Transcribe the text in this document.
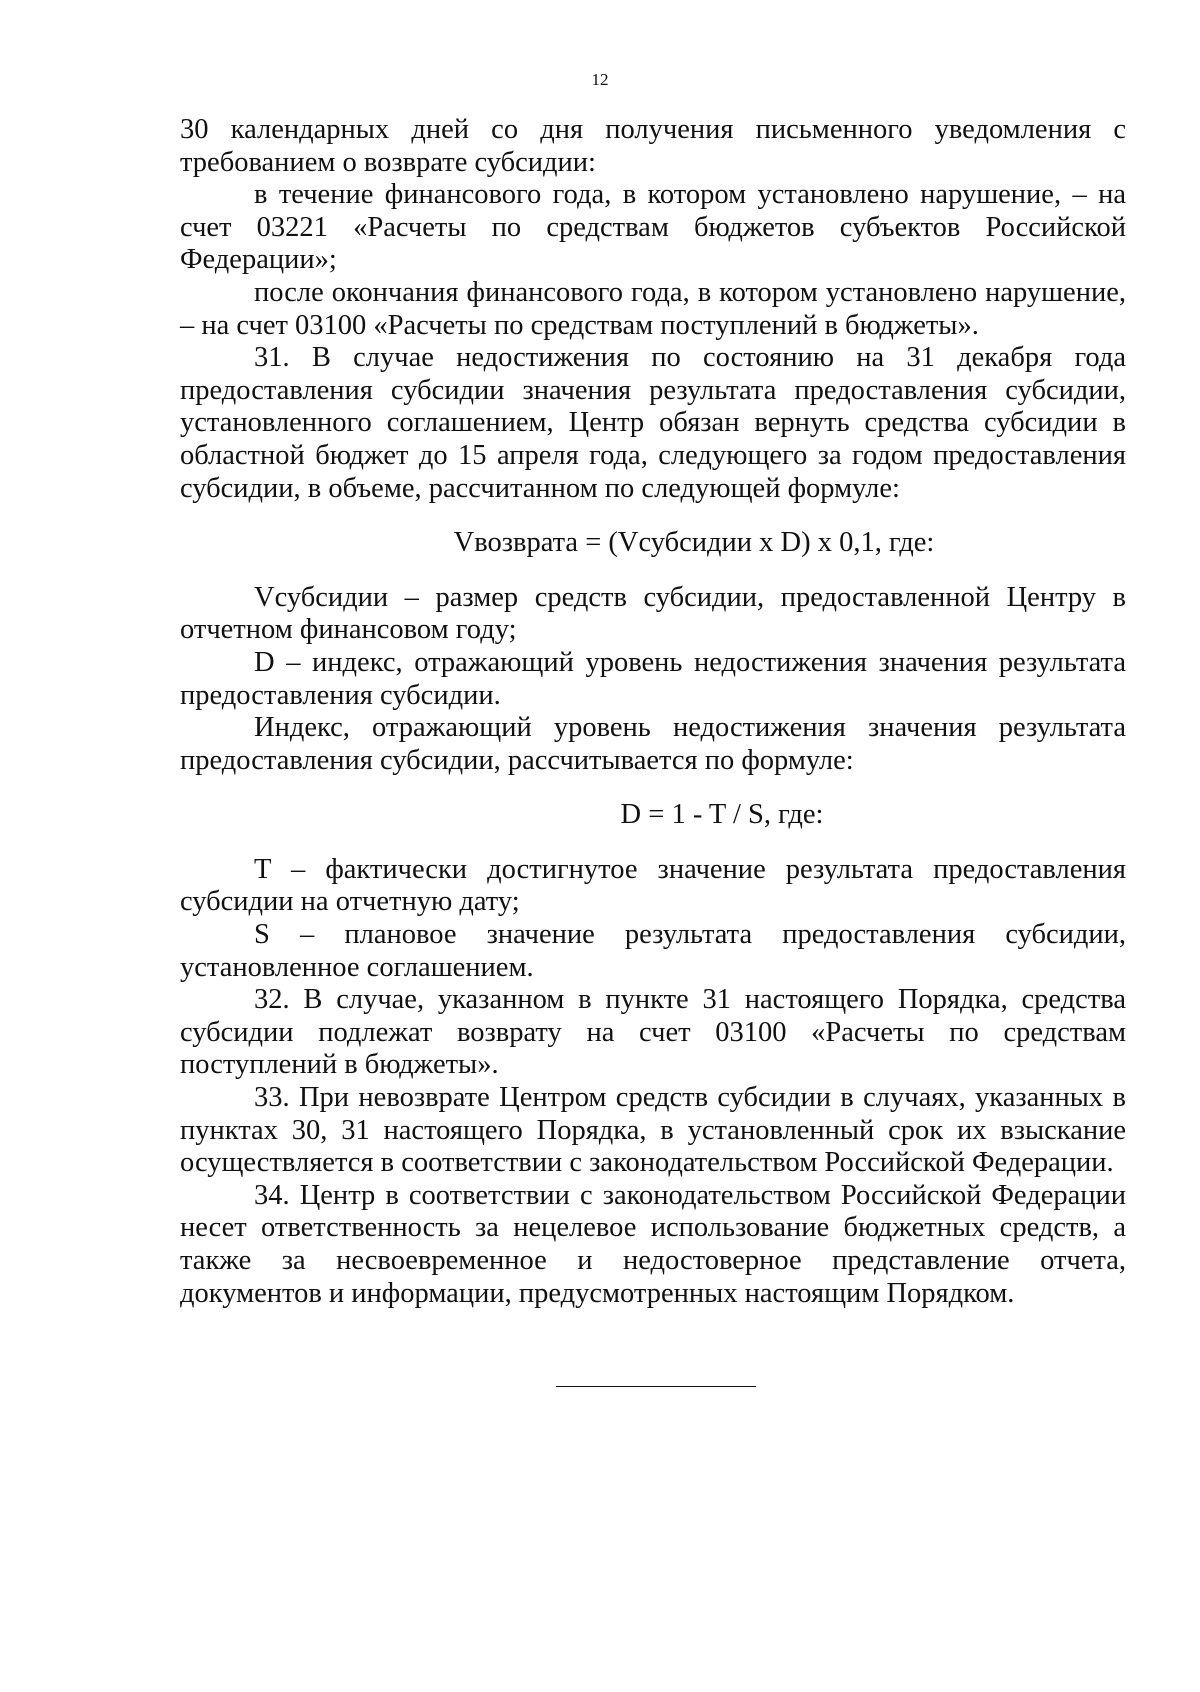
12

30 календарных дней со дня получения письменного уведомления с требованием о возврате субсидии:

в течение финансового года, в котором установлено нарушение, – на счет 03221 «Расчеты по средствам бюджетов субъектов Российской Федерации»;

после окончания финансового года, в котором установлено нарушение, – на счет 03100 «Расчеты по средствам поступлений в бюджеты».

31. В случае недостижения по состоянию на 31 декабря года предоставления субсидии значения результата предоставления субсидии, установленного соглашением, Центр обязан вернуть средства субсидии в областной бюджет до 15 апреля года, следующего за годом предоставления субсидии, в объеме, рассчитанном по следующей формуле:

Vвозврата = (Vсубсидии x D) x 0,1, где:

Vсубсидии – размер средств субсидии, предоставленной Центру в отчетном финансовом году;

D – индекс, отражающий уровень недостижения значения результата предоставления субсидии.

Индекс, отражающий уровень недостижения значения результата предоставления субсидии, рассчитывается по формуле:

D = 1 - T / S, где:

T – фактически достигнутое значение результата предоставления субсидии на отчетную дату;

S – плановое значение результата предоставления субсидии, установленное соглашением.

32. В случае, указанном в пункте 31 настоящего Порядка, средства субсидии подлежат возврату на счет 03100 «Расчеты по средствам поступлений в бюджеты».

33. При невозврате Центром средств субсидии в случаях, указанных в пунктах 30, 31 настоящего Порядка, в установленный срок их взыскание осуществляется в соответствии с законодательством Российской Федерации.

34. Центр в соответствии с законодательством Российской Федерации несет ответственность за нецелевое использование бюджетных средств, а также за несвоевременное и недостоверное представление отчета, документов и информации, предусмотренных настоящим Порядком.
